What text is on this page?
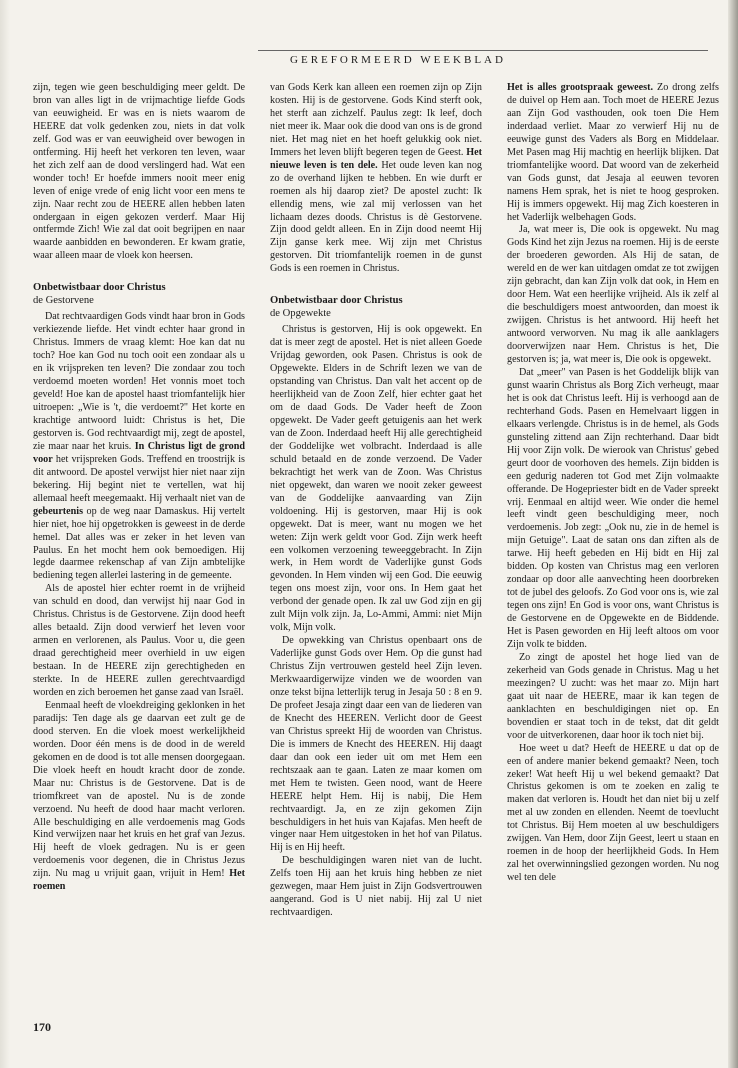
GEREFORMEERD WEEKBLAD

zijn, tegen wie geen beschuldiging meer geldt. De bron van alles ligt in de vrijmachtige liefde Gods van eeuwigheid. Er was en is niets waarom de HEERE dat volk gedenken zou, niets in dat volk zelf. God was er van eeuwigheid over bewogen in ontferming. Hij heeft het verkoren ten leven, waar het zich zelf aan de dood verslingerd had. Wat een wonder toch! Er hoefde immers nooit meer enig leven of enige vrede of enig licht voor een mens te zijn. Naar recht zou de HEERE allen hebben laten ondergaan in eigen gekozen verderf. Maar Hij ontfermde Zich! Wie zal dat ooit begrijpen en naar waarde aanbidden en bewonderen. Er kwam gratie, waar alleen maar de vloek kon heersen.

Onbetwistbaar door Christus
de Gestorvene

Dat rechtvaardigen Gods vindt haar bron in Gods verkiezende liefde. Het vindt echter haar grond in Christus. Immers de vraag klemt: Hoe kan dat nu toch? Hoe kan God nu toch ooit een zondaar als u en ik vrijspreken ten leven? Die zondaar zou toch verdoemd moeten worden! Het vonnis moet toch geveld! Hoe kan de apostel haast triomfantelijk hier uitroepen: „Wie is 't, die verdoemt?" Het korte en krachtige antwoord luidt: Christus is het, Die gestorven is. God rechtvaardigt mij, zegt de apostel, zie maar naar het kruis. In Christus ligt de grond voor het vrijspreken Gods. Treffend en troostrijk is dit antwoord. De apostel verwijst hier niet naar zijn bekering. Hij begint niet te vertellen, wat hij allemaal heeft meegemaakt. Hij verhaalt niet van de gebeurtenis op de weg naar Damaskus. Hij vertelt hier niet, hoe hij opgetrokken is geweest in de derde hemel. Dat alles was er zeker in het leven van Paulus. En het mocht hem ook bemoedigen. Hij legde daarmee rekenschap af van Zijn ambtelijke bediening tegen allerlei lastering in de gemeente.

Als de apostel hier echter roemt in de vrijheid van schuld en dood, dan verwijst hij naar God in Christus. Christus is de Gestorvene. Zijn dood heeft alles betaald. Zijn dood verwierf het leven voor armen en verlorenen, als Paulus. Voor u, die geen draad gerechtigheid meer overhield in uw eigen bestaan. In de HEERE zijn gerechtigheden en sterkte. In de HEERE zullen gerechtvaardigd worden en zich beroemen het ganse zaad van Israël.

Eenmaal heeft de vloekdreiging geklonken in het paradijs: Ten dage als ge daarvan eet zult ge de dood sterven. En die vloek moest werkelijkheid worden. Door één mens is de dood in de wereld gekomen en de dood is tot alle mensen doorgegaan. Die vloek heeft en houdt kracht door de zonde. Maar nu: Christus is de Gestorvene. Dat is de triomfkreet van de apostel. Nu is de zonde verzoend. Nu heeft de dood haar macht verloren. Alle beschuldiging en alle verdoemenis mag Gods Kind verwijzen naar het kruis en het graf van Jezus. Hij heeft de vloek gedragen. Nu is er geen verdoemenis voor degenen, die in Christus Jezus zijn. Nu mag u vrijuit gaan, vrijuit in Hem! Het roemen

van Gods Kerk kan alleen een roemen zijn op Zijn kosten. Hij is de gestorvene. Gods Kind sterft ook, het sterft aan zichzelf. Paulus zegt: Ik leef, doch niet meer ik. Maar ook die dood van ons is de grond niet. Het mag niet en het hoeft gelukkig ook niet. Immers het leven blijft begeren tegen de Geest. Het nieuwe leven is ten dele. Het oude leven kan nog zo de overhand lijken te hebben. En wie durft er roemen als hij daarop ziet? De apostel zucht: Ik ellendig mens, wie zal mij verlossen van het lichaam dezes doods. Christus is dè Gestorvene. Zijn dood geldt alleen. En in Zijn dood neemt Hij Zijn ganse kerk mee. Wij zijn met Christus gestorven. Dit triomfantelijk roemen in de gunst Gods is een roemen in Christus.

Onbetwistbaar door Christus
de Opgewekte

Christus is gestorven, Hij is ook opgewekt. En dat is meer zegt de apostel. Het is niet alleen Goede Vrijdag geworden, ook Pasen. Christus is ook de Opgewekte. Elders in de Schrift lezen we van de opstanding van Christus. Dan valt het accent op de heerlijkheid van de Zoon Zelf, hier echter gaat het om de daad Gods. De Vader heeft de Zoon opgewekt. De Vader geeft getuigenis aan het werk van de Zoon. Inderdaad heeft Hij alle gerechtigheid der Goddelijke wet volbracht. Inderdaad is alle schuld betaald en de zonde verzoend. De Vader bekrachtigt het werk van de Zoon. Was Christus niet opgewekt, dan waren we nooit zeker geweest van de Goddelijke aanvaarding van Zijn voldoening. Hij is gestorven, maar Hij is ook opgewekt. Dat is meer, want nu mogen we het weten: Zijn werk geldt voor God. Zijn werk heeft een volkomen verzoening teweeggebracht. In Zijn werk, in Hem wordt de Vaderlijke gunst Gods gevonden. In Hem vinden wij een God. Die eeuwig tegen ons moest zijn, voor ons. In Hem gaat het verbond der genade open. Ik zal uw God zijn en gij zult Mijn volk zijn. Ja, Lo-Ammi, Ammi: niet Mijn volk, Mijn volk.

De opwekking van Christus openbaart ons de Vaderlijke gunst Gods over Hem. Op die gunst had Christus Zijn vertrouwen gesteld heel Zijn leven. Merkwaardigerwijze vinden we de woorden van onze tekst bijna letterlijk terug in Jesaja 50 : 8 en 9. De profeet Jesaja zingt daar een van de liederen van de Knecht des HEEREN. Verlicht door de Geest van Christus spreekt Hij de woorden van Christus. Die is immers de Knecht des HEEREN. Hij daagt daar dan ook een ieder uit om met Hem een rechtszaak aan te gaan. Laten ze maar komen om met Hem te twisten. Geen nood, want de Heere HEERE helpt Hem. Hij is nabij, Die Hem rechtvaardigt. Ja, en ze zijn gekomen Zijn beschuldigers in het huis van Kajafas. Men heeft de vinger naar Hem uitgestoken in het hof van Pilatus. Hij is en Hij heeft.

De beschuldigingen waren niet van de lucht. Zelfs toen Hij aan het kruis hing hebben ze niet gezwegen, maar Hem juist in Zijn Godsvertrouwen aangerand. God is U niet nabij. Hij zal U niet rechtvaardigen.

Het is alles grootspraak geweest. Zo drong zelfs de duivel op Hem aan. Toch moet de HEERE Jezus aan Zijn God vasthouden, ook toen Die Hem inderdaad verliet. Maar zo verwierf Hij nu de eeuwige gunst des Vaders als Borg en Middelaar. Met Pasen mag Hij machtig en heerlijk blijken. Dat triomfantelijke woord. Dat woord van de zekerheid van Gods gunst, dat Jesaja al eeuwen tevoren namens Hem sprak, het is niet te hoog gesproken. Hij is immers opgewekt. Hij mag Zich koesteren in het Vaderlijk welbehagen Gods.

Ja, wat meer is, Die ook is opgewekt. Nu mag Gods Kind het zijn Jezus na roemen. Hij is de eerste der broederen geworden. Als Hij de satan, de wereld en de wer kan uitdagen omdat ze tot zwijgen zijn gebracht, dan kan Zijn volk dat ook, in Hem en door Hem. Wat een heerlijke vrijheid. Als ik zelf al die beschuldigers moest antwoorden, dan moest ik zwijgen. Christus is het antwoord. Hij heeft het antwoord verworven. Nu mag ik alle aanklagers doorverwijzen naar Hem. Christus is het, Die gestorven is; ja, wat meer is, Die ook is opgewekt.

Dat „meer" van Pasen is het Goddelijk blijk van gunst waarin Christus als Borg Zich verheugt, maar het is ook dat Christus leeft. Hij is verhoogd aan de rechterhand Gods. Pasen en Hemelvaart liggen in elkaars verlengde. Christus is in de hemel, als Gods gunsteling zittend aan Zijn rechterhand. Daar bidt Hij voor Zijn volk. De wierook van Christus' gebed geurt door de voorhoven des hemels. Zijn bidden is een gedurig naderen tot God met Zijn volmaakte offerande. De Hogepriester bidt en de Vader spreekt vrij. Eenmaal en altijd weer. Wie onder die hemel leeft vindt geen beschuldiging meer, noch verdoemenis. Job zegt: „Ook nu, zie in de hemel is mijn Getuige". Laat de satan ons dan ziften als de tarwe. Hij heeft gebeden en Hij bidt en Hij zal bidden. Op kosten van Christus mag een verloren zondaar op door alle aanvechting heen doorbreken tot de jubel des geloofs. Zo God voor ons is, wie zal tegen ons zijn! En God is voor ons, want Christus is de Gestorvene en de Opgewekte en de Biddende. Het is Pasen geworden en Hij leeft altoos om voor Zijn volk te bidden.

Zo zingt de apostel het hoge lied van de zekerheid van Gods genade in Christus. Mag u het meezingen? U zucht: was het maar zo. Mijn hart gaat uit naar de HEERE, maar ik kan tegen de aanklachten en beschuldigingen niet op. En bovendien er staat toch in de tekst, dat dit geldt voor de uitverkorenen, daar hoor ik toch niet bij.

Hoe weet u dat? Heeft de HEERE u dat op de een of andere manier bekend gemaakt? Neen, toch zeker! Wat heeft Hij u wel bekend gemaakt? Dat Christus gekomen is om te zoeken en zalig te maken dat verloren is. Houdt het dan niet bij u zelf met al uw zonden en ellenden. Neemt de toevlucht tot Christus. Bij Hem moeten al uw beschuldigers zwijgen. Van Hem, door Zijn Geest, leert u staan en roemen in de hoop der heerlijkheid Gods. In Hem zal het overwinningslied gezongen worden. Nu nog wel ten dele

170
